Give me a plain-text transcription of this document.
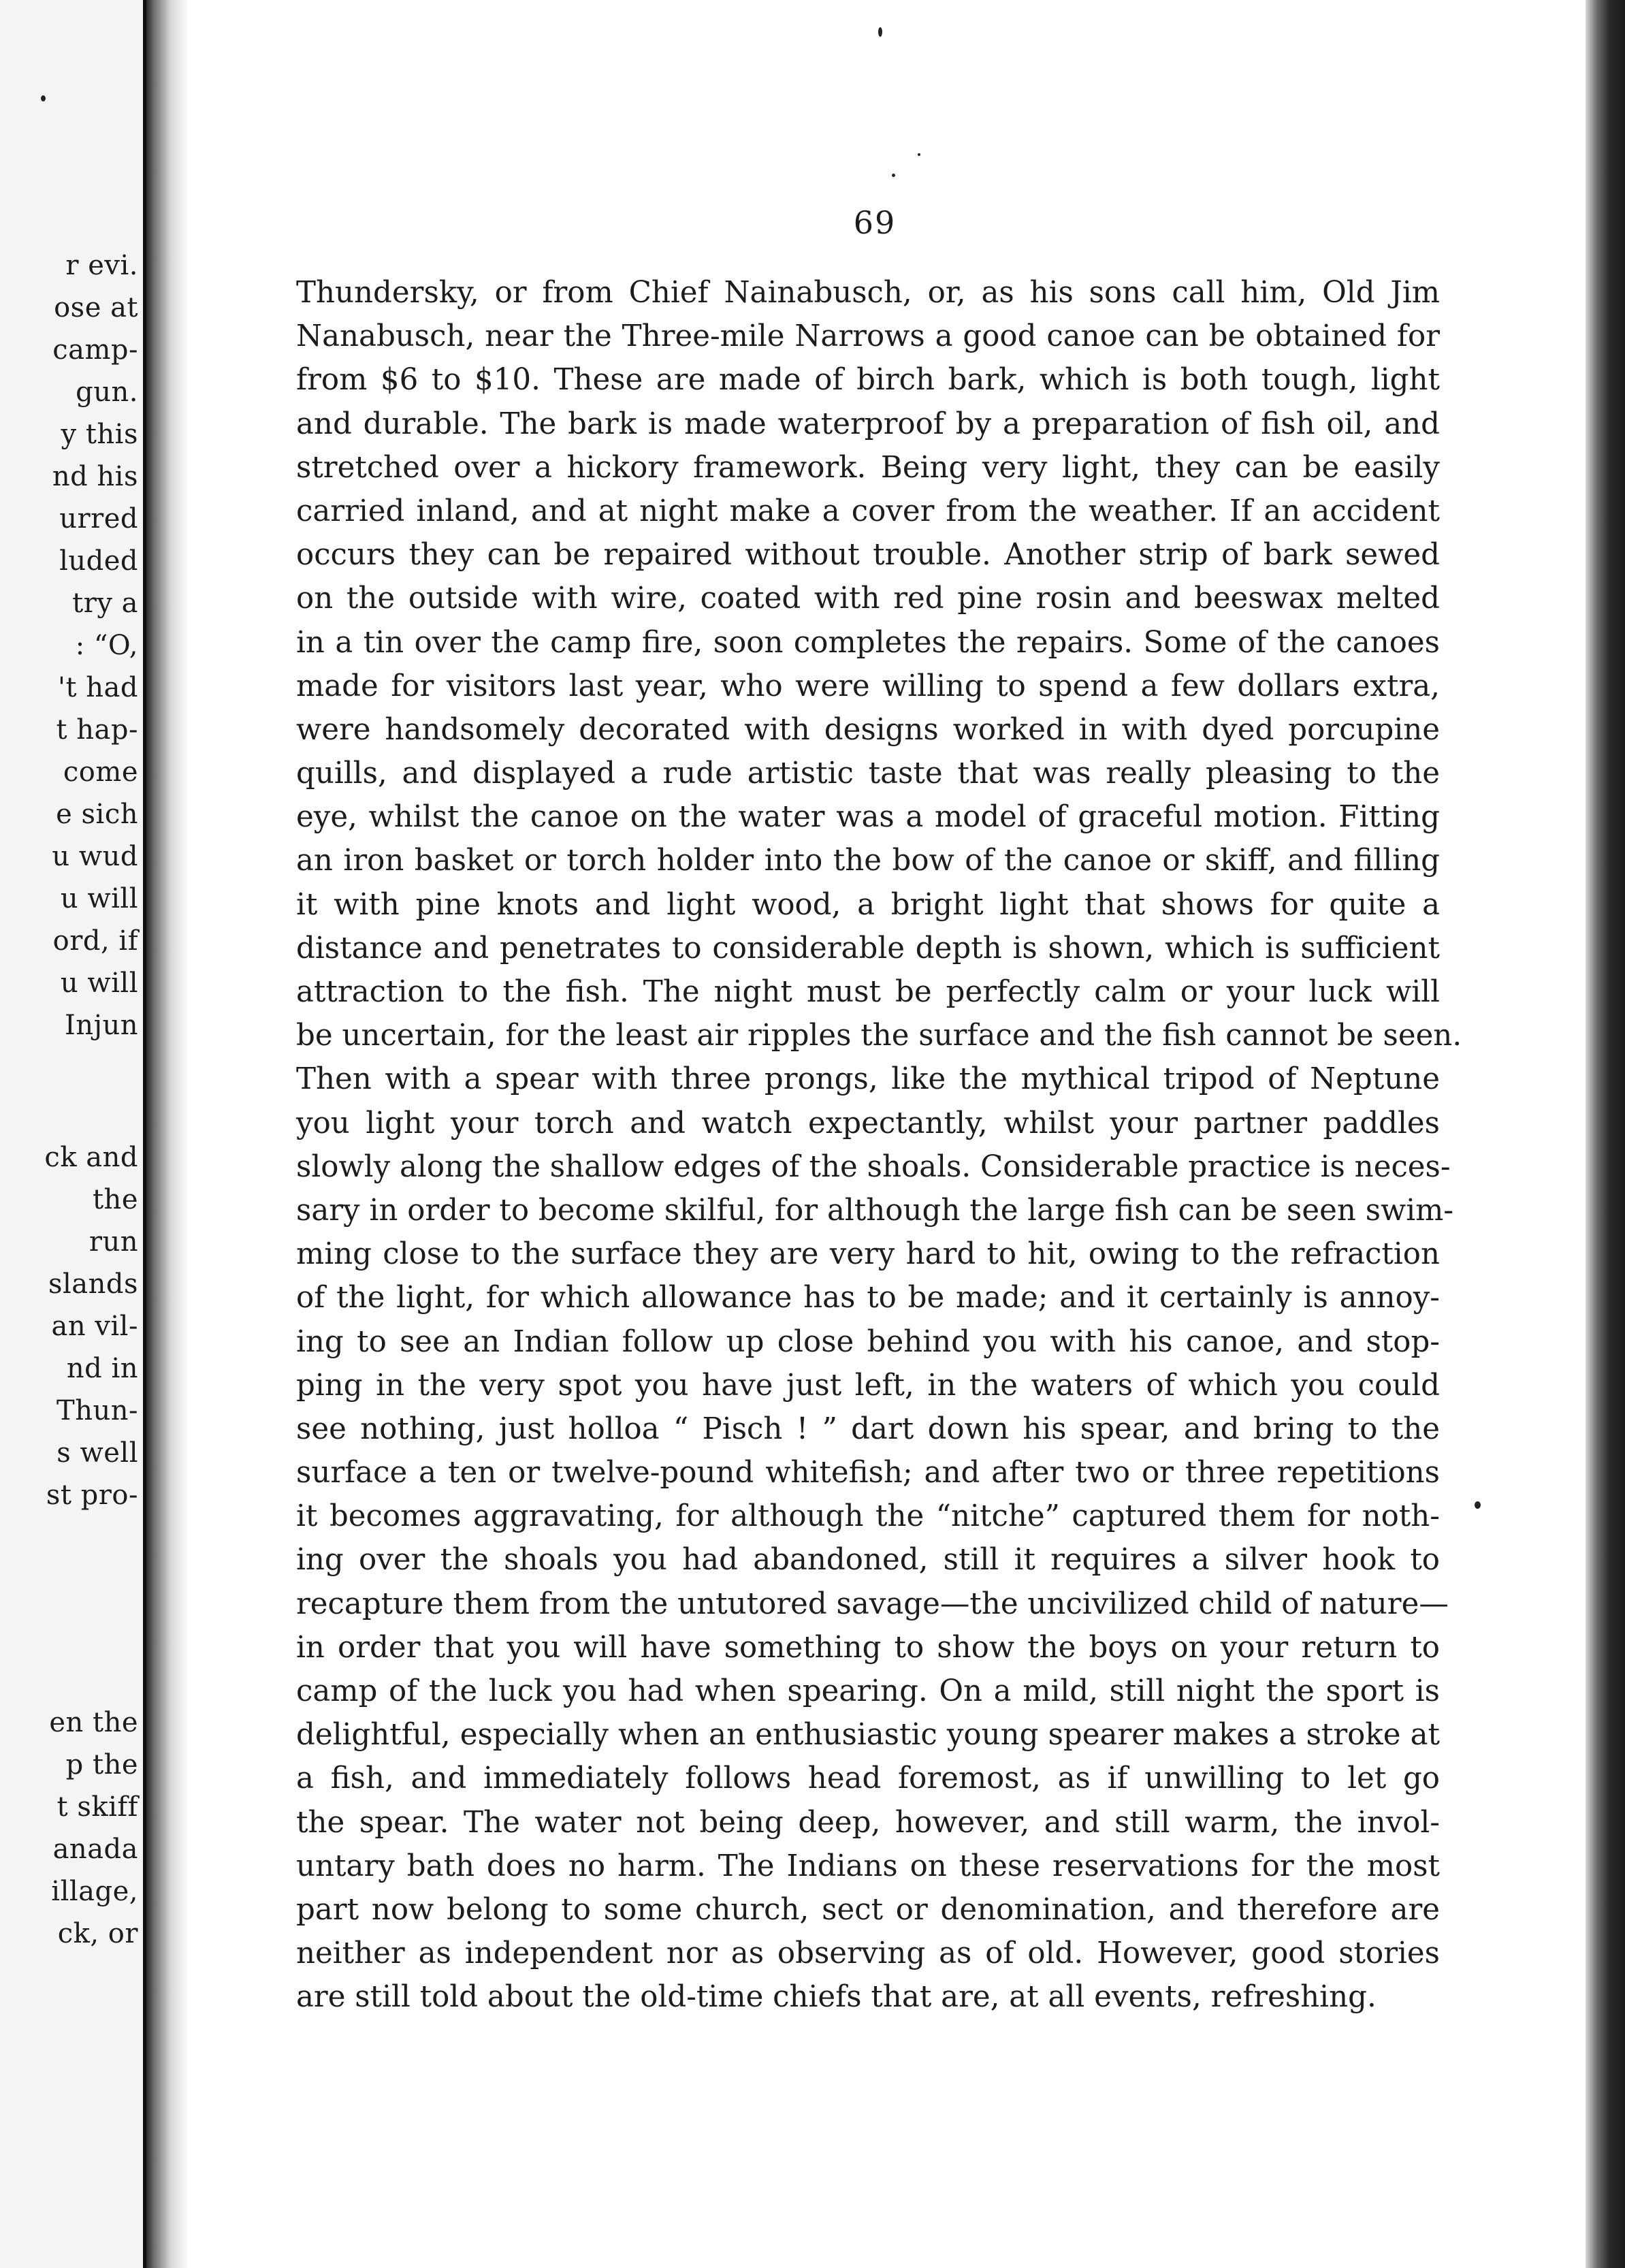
r evi.
ose at
camp-
gun.
y this
nd his
urred
luded
try a
: “O,
't had
t hap-
come
e sich
u wud
u will
ord, if
u will
Injun
ck and
the
run
slands
an vil-
nd in
Thun-
s well
st pro-
en the
p the
t skiff
anada
illage,
ck, or
69
Thundersky, or from Chief Nainabusch, or, as his sons call him, Old Jim
Nanabusch, near the Three-mile Narrows a good canoe can be obtained for
from $6 to $10. These are made of birch bark, which is both tough, light
and durable. The bark is made waterproof by a preparation of fish oil, and
stretched over a hickory framework. Being very light, they can be easily
carried inland, and at night make a cover from the weather. If an accident
occurs they can be repaired without trouble. Another strip of bark sewed
on the outside with wire, coated with red pine rosin and beeswax melted
in a tin over the camp fire, soon completes the repairs. Some of the canoes
made for visitors last year, who were willing to spend a few dollars extra,
were handsomely decorated with designs worked in with dyed porcupine
quills, and displayed a rude artistic taste that was really pleasing to the
eye, whilst the canoe on the water was a model of graceful motion. Fitting
an iron basket or torch holder into the bow of the canoe or skiff, and filling
it with pine knots and light wood, a bright light that shows for quite a
distance and penetrates to considerable depth is shown, which is sufficient
attraction to the fish. The night must be perfectly calm or your luck will
be uncertain, for the least air ripples the surface and the fish cannot be seen.
Then with a spear with three prongs, like the mythical tripod of Neptune
you light your torch and watch expectantly, whilst your partner paddles
slowly along the shallow edges of the shoals. Considerable practice is neces-
sary in order to become skilful, for although the large fish can be seen swim-
ming close to the surface they are very hard to hit, owing to the refraction
of the light, for which allowance has to be made; and it certainly is annoy-
ing to see an Indian follow up close behind you with his canoe, and stop-
ping in the very spot you have just left, in the waters of which you could
see nothing, just holloa “ Pisch ! ” dart down his spear, and bring to the
surface a ten or twelve-pound whitefish; and after two or three repetitions
it becomes aggravating, for although the “nitche” captured them for noth-
ing over the shoals you had abandoned, still it requires a silver hook to
recapture them from the untutored savage—the uncivilized child of nature—
in order that you will have something to show the boys on your return to
camp of the luck you had when spearing. On a mild, still night the sport is
delightful, especially when an enthusiastic young spearer makes a stroke at
a fish, and immediately follows head foremost, as if unwilling to let go
the spear. The water not being deep, however, and still warm, the invol-
untary bath does no harm. The Indians on these reservations for the most
part now belong to some church, sect or denomination, and therefore are
neither as independent nor as observing as of old. However, good stories
are still told about the old-time chiefs that are, at all events, refreshing.
